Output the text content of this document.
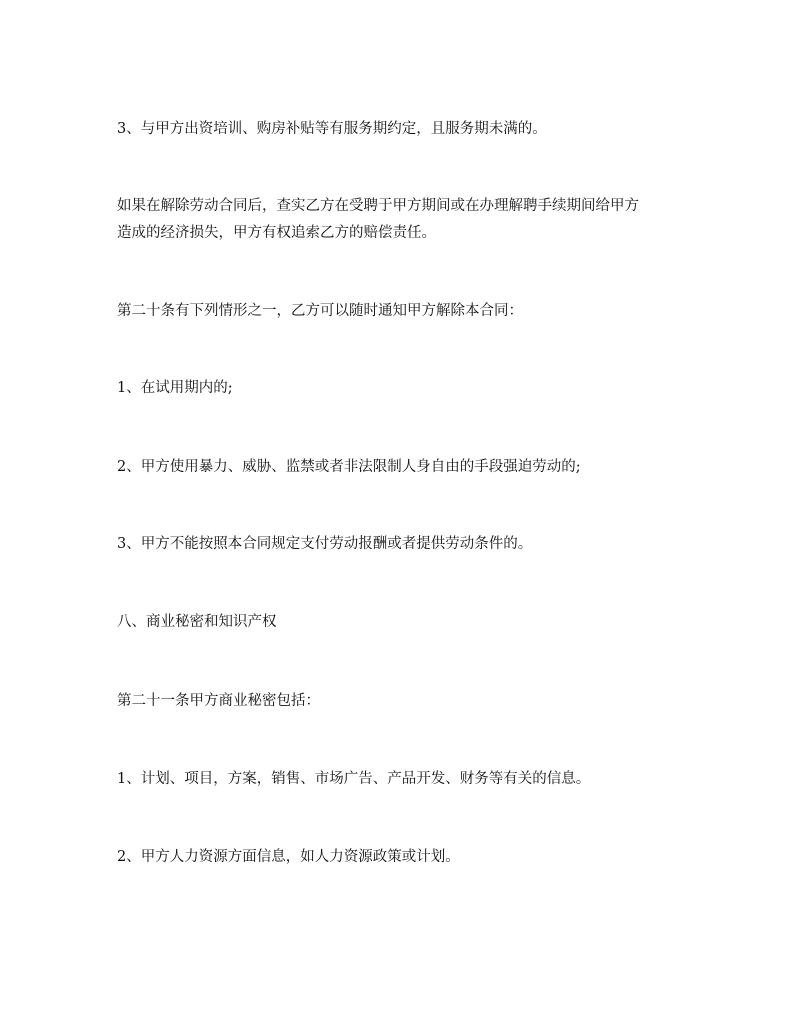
3、与甲方出资培训、购房补贴等有服务期约定，且服务期未满的。

如果在解除劳动合同后，查实乙方在受聘于甲方期间或在办理解聘手续期间给甲方
造成的经济损失，甲方有权追索乙方的赔偿责任。

第二十条有下列情形之一，乙方可以随时通知甲方解除本合同：

1、在试用期内的;

2、甲方使用暴力、威胁、监禁或者非法限制人身自由的手段强迫劳动的;

3、甲方不能按照本合同规定支付劳动报酬或者提供劳动条件的。

八、商业秘密和知识产权

第二十一条甲方商业秘密包括：

1、计划、项目，方案，销售、市场广告、产品开发、财务等有关的信息。

2、甲方人力资源方面信息，如人力资源政策或计划。
